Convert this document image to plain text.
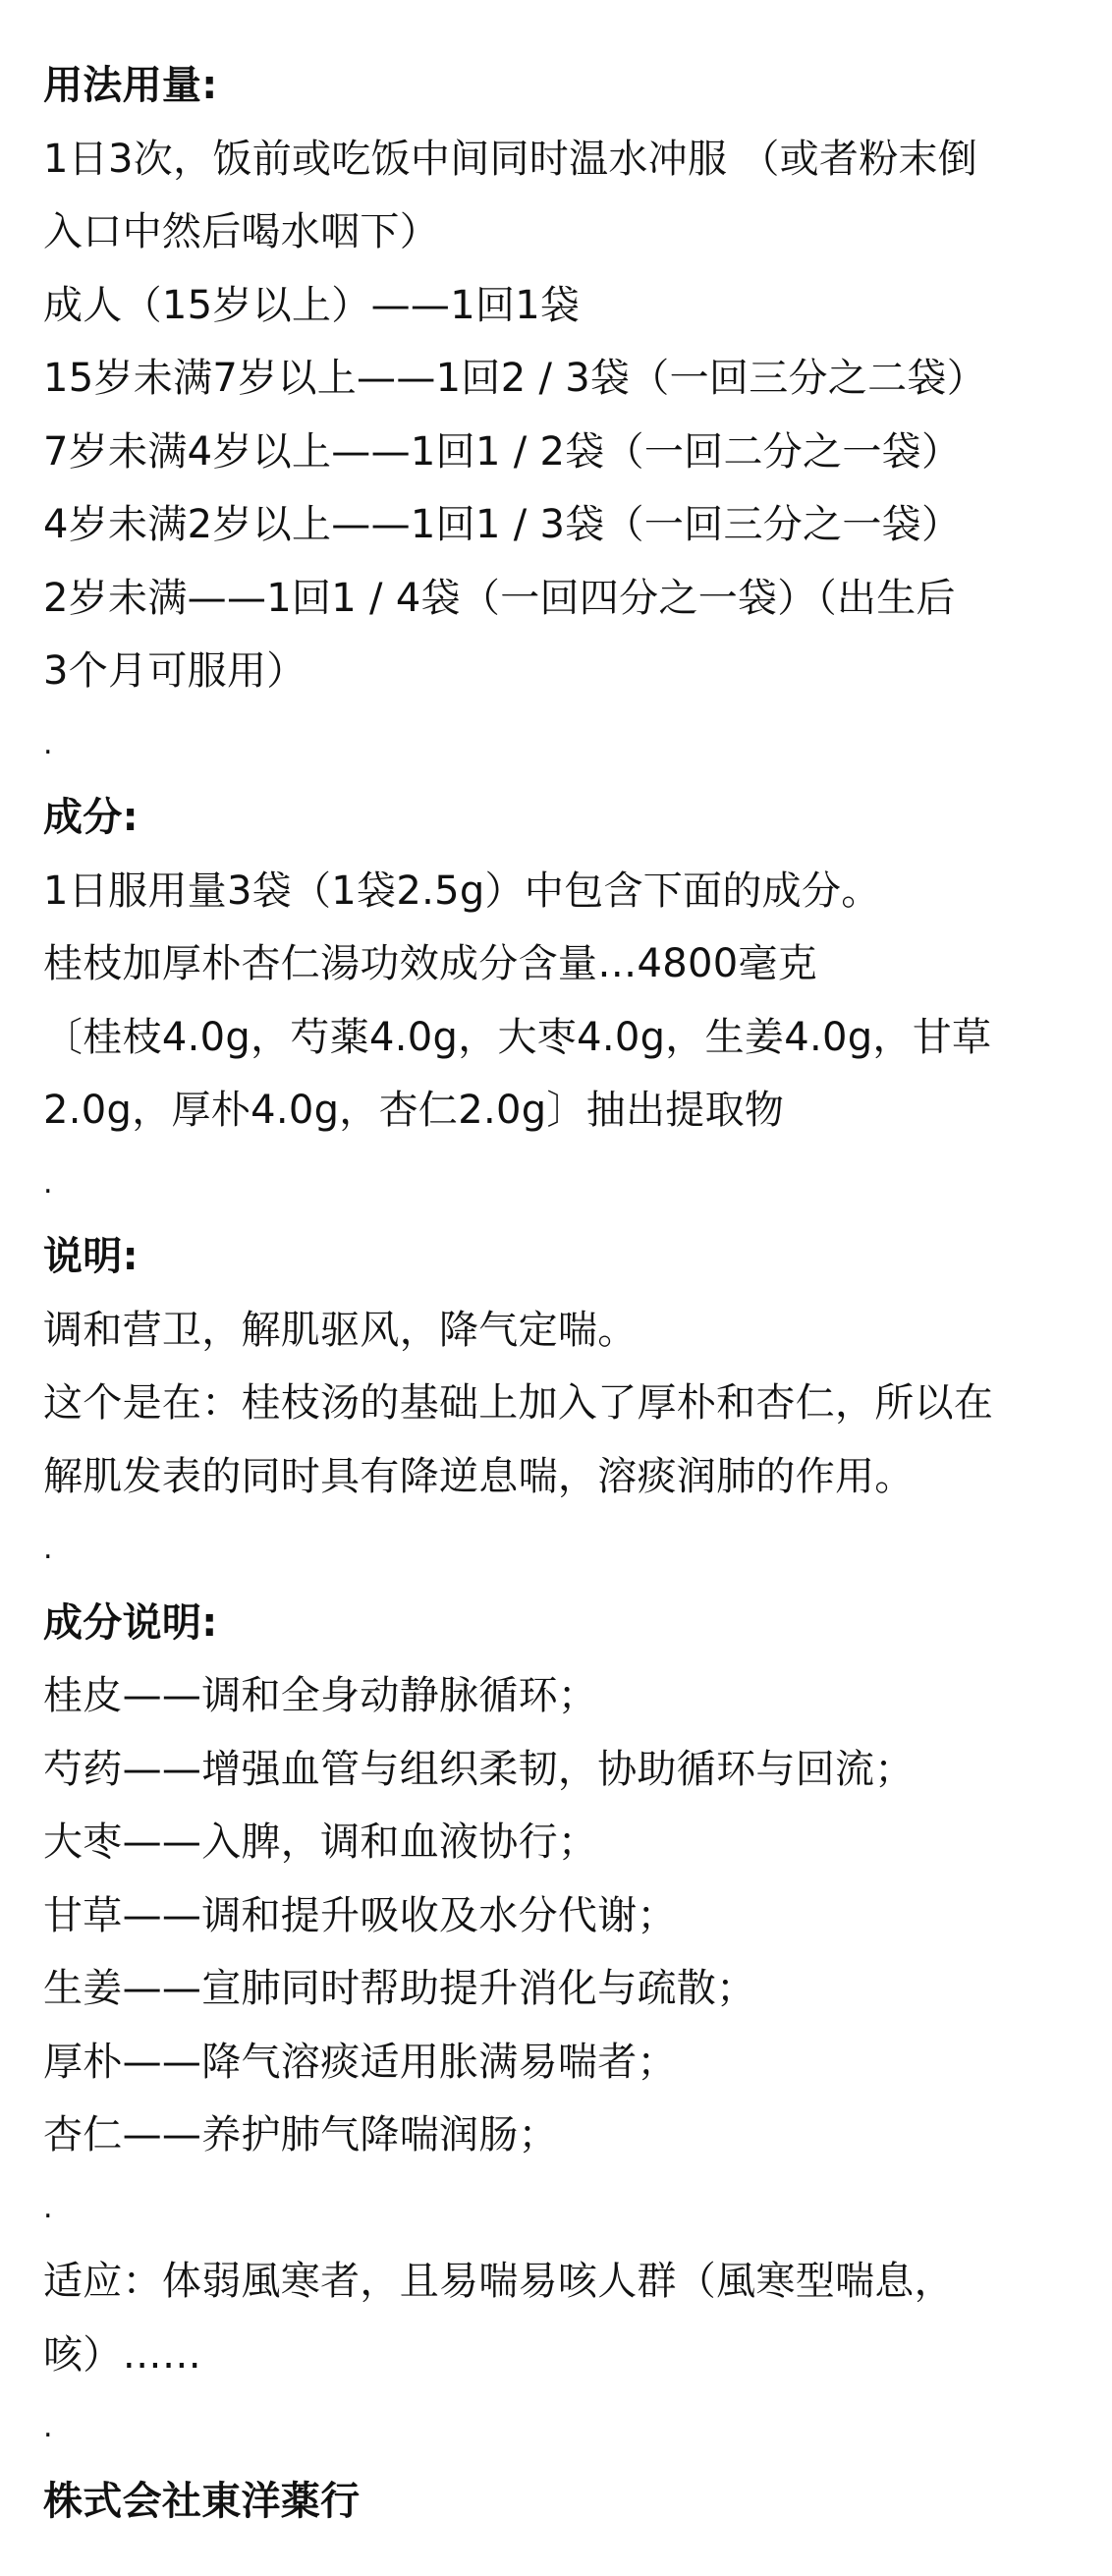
用法用量:
1日3次，饭前或吃饭中间同时温水冲服 （或者粉末倒
入口中然后喝水咽下）
成人（15岁以上）——1回1袋
15岁未满7岁以上——1回2 / 3袋（一回三分之二袋）
7岁未满4岁以上——1回1 / 2袋（一回二分之一袋）
4岁未满2岁以上——1回1 / 3袋（一回三分之一袋）
2岁未满——1回1 / 4袋（一回四分之一袋）（出生后
3个月可服用）
.
成分:
1日服用量3袋（1袋2.5g）中包含下面的成分。
桂枝加厚朴杏仁湯功效成分含量…4800毫克
〔桂枝4.0g，芍薬4.0g，大枣4.0g，生姜4.0g，甘草
2.0g，厚朴4.0g，杏仁2.0g〕抽出提取物
.
说明:
调和营卫，解肌驱风，降气定喘。
这个是在：桂枝汤的基础上加入了厚朴和杏仁，所以在
解肌发表的同时具有降逆息喘，溶痰润肺的作用。
.
成分说明:
桂皮——调和全身动静脉循环；
芍药——增强血管与组织柔韧，协助循环与回流；
大枣——入脾，调和血液协行；
甘草——调和提升吸收及水分代谢；
生姜——宣肺同时帮助提升消化与疏散；
厚朴——降气溶痰适用胀满易喘者；
杏仁——养护肺气降喘润肠；
.
适应：体弱風寒者，且易喘易咳人群（風寒型喘息，
咳）……
.
株式会社東洋薬行
